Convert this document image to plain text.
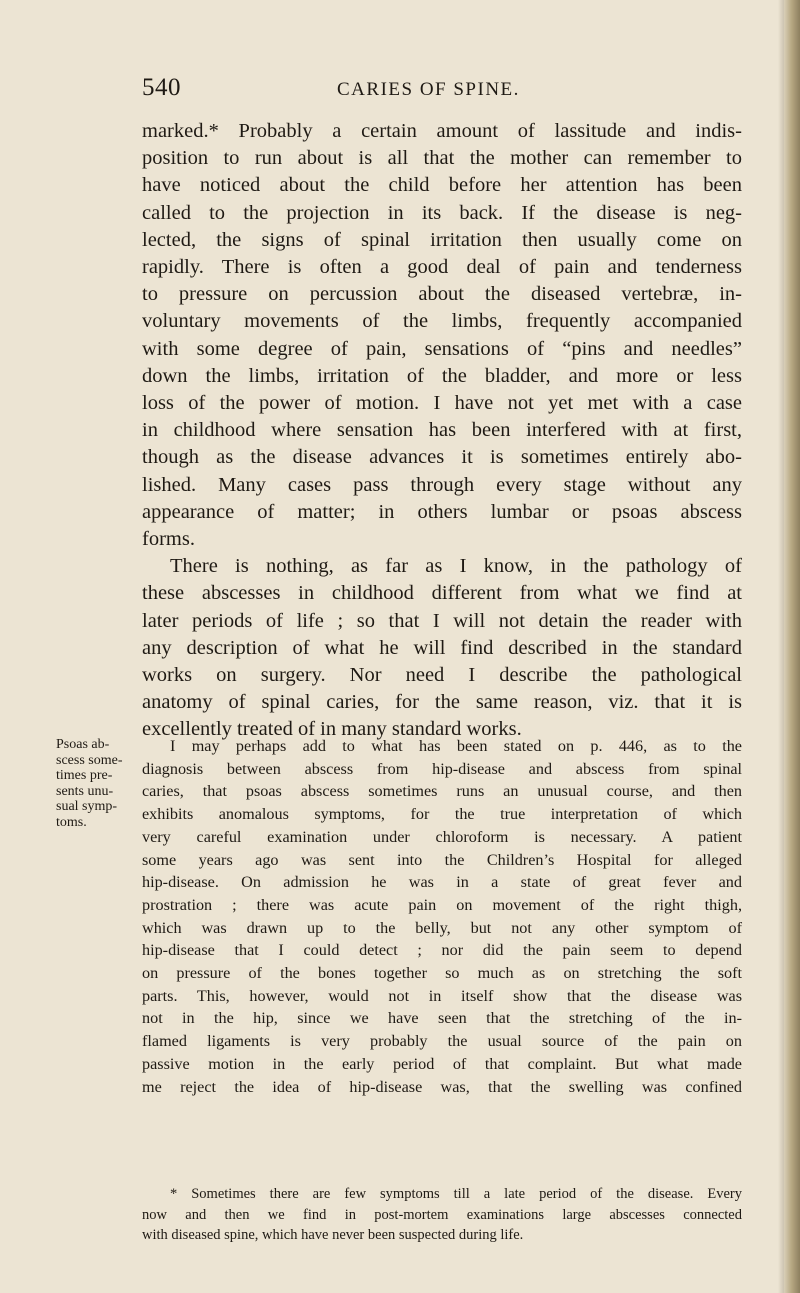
540	CARIES OF SPINE.
marked.* Probably a certain amount of lassitude and indis-
position to run about is all that the mother can remember to
have noticed about the child before her attention has been
called to the projection in its back. If the disease is neg-
lected, the signs of spinal irritation then usually come on
rapidly. There is often a good deal of pain and tenderness
to pressure on percussion about the diseased vertebræ, in-
voluntary movements of the limbs, frequently accompanied
with some degree of pain, sensations of “pins and needles”
down the limbs, irritation of the bladder, and more or less
loss of the power of motion. I have not yet met with a case
in childhood where sensation has been interfered with at first,
though as the disease advances it is sometimes entirely abo-
lished. Many cases pass through every stage without any
appearance of matter; in others lumbar or psoas abscess
forms.
There is nothing, as far as I know, in the pathology of
these abscesses in childhood different from what we find at
later periods of life ; so that I will not detain the reader with
any description of what he will find described in the standard
works on surgery. Nor need I describe the pathological
anatomy of spinal caries, for the same reason, viz. that it is
excellently treated of in many standard works.
Psoas ab-
scess some-
times pre-
sents unu-
sual symp-
toms.
I may perhaps add to what has been stated on p. 446, as to the
diagnosis between abscess from hip-disease and abscess from spinal
caries, that psoas abscess sometimes runs an unusual course, and then
exhibits anomalous symptoms, for the true interpretation of which
very careful examination under chloroform is necessary. A patient
some years ago was sent into the Children’s Hospital for alleged
hip-disease. On admission he was in a state of great fever and
prostration ; there was acute pain on movement of the right thigh,
which was drawn up to the belly, but not any other symptom of
hip-disease that I could detect ; nor did the pain seem to depend
on pressure of the bones together so much as on stretching the soft
parts. This, however, would not in itself show that the disease was
not in the hip, since we have seen that the stretching of the in-
flamed ligaments is very probably the usual source of the pain on
passive motion in the early period of that complaint. But what made
me reject the idea of hip-disease was, that the swelling was confined
* Sometimes there are few symptoms till a late period of the disease. Every
now and then we find in post-mortem examinations large abscesses connected
with diseased spine, which have never been suspected during life.
